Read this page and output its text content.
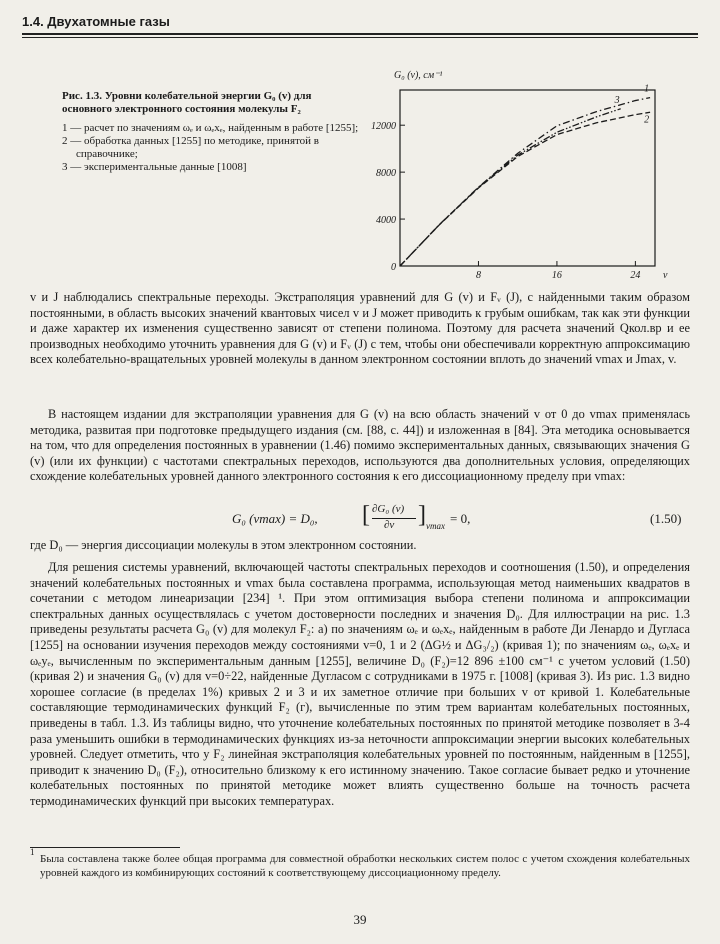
1.4. Двухатомные газы
Рис. 1.3. Уровни колебательной энергии G₀ (v) для основного электронного состояния молекулы F₂

1 — расчет по значениям ωₑ и ωₑxₑ, найденным в работе [1255];

2 — обработка данных [1255] по методике, принятой в справочнике;

3 — экспериментальные данные [1008]

8	16	24
4000
8000
12000
0
G₀ (v), см⁻¹
v
1
2
3

v и J наблюдались спектральные переходы. Экстраполяция уравнений для G (v) и Fᵥ (J), с найденными таким образом постоянными, в область высоких значений квантовых чисел v и J может приводить к грубым ошибкам, так как эти функции и даже характер их изменения существенно зависят от степени полинома. Поэтому для расчета значений Qкол.вр и ее производных необходимо уточнить уравнения для G (v) и Fᵥ (J) с тем, чтобы они обеспечивали корректную аппроксимацию всех колебательно-вращательных уровней молекулы в данном электронном состоянии вплоть до значений vmax и Jmax, v.

В настоящем издании для экстраполяции уравнения для G (v) на всю область значений v от 0 до vmax применялась методика, развитая при подготовке предыдущего издания (см. [88, с. 44]) и изложенная в [84]. Эта методика основывается на том, что для определения постоянных в уравнении (1.46) помимо экспериментальных данных, связывающих значения G (v) (или их функции) с частотами спектральных переходов, используются два дополнительных условия, определяющих схождение колебательных уровней данного электронного состояния к его диссоциационному пределу при vmax:

G₀ (vmax) = D₀, [ ∂G₀ (v)
∂v ] vmax = 0,	(1.50)

где D₀ — энергия диссоциации молекулы в этом электронном состоянии.

Для решения системы уравнений, включающей частоты спектральных переходов и соотношения (1.50), и определения значений колебательных постоянных и vmax была составлена программа, использующая метод наименьших квадратов в сочетании с методом линеаризации [234] ¹. При этом оптимизация выбора степени полинома и аппроксимации спектральных данных осуществлялась с учетом достоверности последних и значения D₀. Для иллюстрации на рис. 1.3 приведены результаты расчета G₀ (v) для молекул F₂: а) по значениям ωₑ и ωₑxₑ, найденным в работе Ди Ленардо и Дугласа [1255] на основании изучения переходов между состояниями v=0, 1 и 2 (ΔG½ и ΔG₃/₂) (кривая 1); по значениям ωₑ, ωₑxₑ и ωₑyₑ, вычисленным по экспериментальным данным [1255], величине D₀ (F₂)=12 896 ±100 см⁻¹ с учетом условий (1.50) (кривая 2) и значения G₀ (v) для v=0÷22, найденные Дугласом с сотрудниками в 1975 г. [1008] (кривая 3). Из рис. 1.3 видно хорошее согласие (в пределах 1%) кривых 2 и 3 и их заметное отличие при больших v от кривой 1. Колебательные составляющие термодинамических функций F₂ (г), вычисленные по этим трем вариантам колебательных постоянных, приведены в табл. 1.3. Из таблицы видно, что уточнение колебательных постоянных по принятой методике позволяет в 3-4 раза уменьшить ошибки в термодинамических функциях из-за неточности аппроксимации энергии высоких колебательных уровней. Следует отметить, что у F₂ линейная экстраполяция колебательных уровней по постоянным, найденным в [1255], приводит к значению D₀ (F₂), относительно близкому к его истинному значению. Такое согласие бывает редко и уточнение колебательных постоянных по принятой методике может влиять существенно больше на точность расчета термодинамических функций при высоких температурах.

1
Была составлена также более общая программа для совместной обработки нескольких систем полос с учетом схождения колебательных уровней каждого из комбинирующих состояний к соответствующему диссоциационному пределу.
39
